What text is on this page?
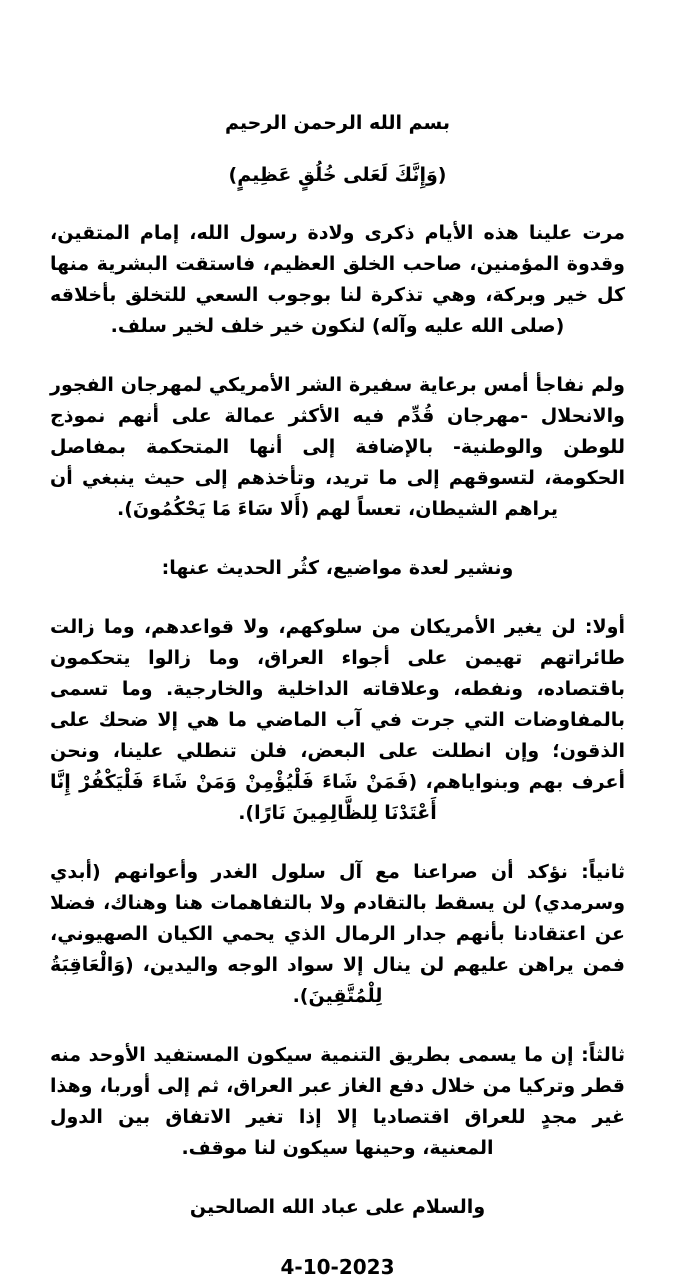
بسم الله الرحمن الرحيم
(وَإِنَّكَ لَعَلى خُلُقٍ عَظِيمٍ)
مرت علينا هذه الأيام ذكرى ولادة رسول الله، إمام المتقين، وقدوة المؤمنين، صاحب الخلق العظيم، فاستقت البشرية منها كل خير وبركة، وهي تذكرة لنا بوجوب السعي للتخلق بأخلاقه (صلى الله عليه وآله) لنكون خير خلف لخير سلف.
ولم نفاجأ أمس برعاية سفيرة الشر الأمريكي لمهرجان الفجور والانحلال -مهرجان قُدِّم فيه الأكثر عمالة على أنهم نموذج للوطن والوطنية- بالإضافة إلى أنها المتحكمة بمفاصل الحكومة، لتسوقهم إلى ما تريد، وتأخذهم إلى حيث ينبغي أن يراهم الشيطان، تعساً لهم (أَلا سَاءَ مَا يَحْكُمُونَ).
ونشير لعدة مواضيع، كثُر الحديث عنها:
أولا: لن يغير الأمريكان من سلوكهم، ولا قواعدهم، وما زالت طائراتهم تهيمن على أجواء العراق، وما زالوا يتحكمون باقتصاده، ونفطه، وعلاقاته الداخلية والخارجية. وما تسمى بالمفاوضات التي جرت في آب الماضي ما هي إلا ضحك على الذقون؛ وإن انطلت على البعض، فلن تنطلي علينا، ونحن أعرف بهم وبنواياهم، (فَمَنْ شَاءَ فَلْيُؤْمِنْ وَمَنْ شَاءَ فَلْيَكْفُرْ إِنَّا أَعْتَدْنَا لِلظَّالِمِينَ نَارًا).
ثانياً: نؤكد أن صراعنا مع آل سلول الغدر وأعوانهم (أبدي وسرمدي) لن يسقط بالتقادم ولا بالتفاهمات هنا وهناك، فضلا عن اعتقادنا بأنهم جدار الرمال الذي يحمي الكيان الصهيوني، فمن يراهن عليهم لن ينال إلا سواد الوجه واليدين، (وَالْعَاقِبَةُ لِلْمُتَّقِينَ).
ثالثاً: إن ما يسمى بطريق التنمية سيكون المستفيد الأوحد منه قطر وتركيا من خلال دفع الغاز عبر العراق، ثم إلى أوربا، وهذا غير مجدٍ للعراق اقتصاديا إلا إذا تغير الاتفاق بين الدول المعنية، وحينها سيكون لنا موقف.
والسلام على عباد الله الصالحين
4-10-2023
